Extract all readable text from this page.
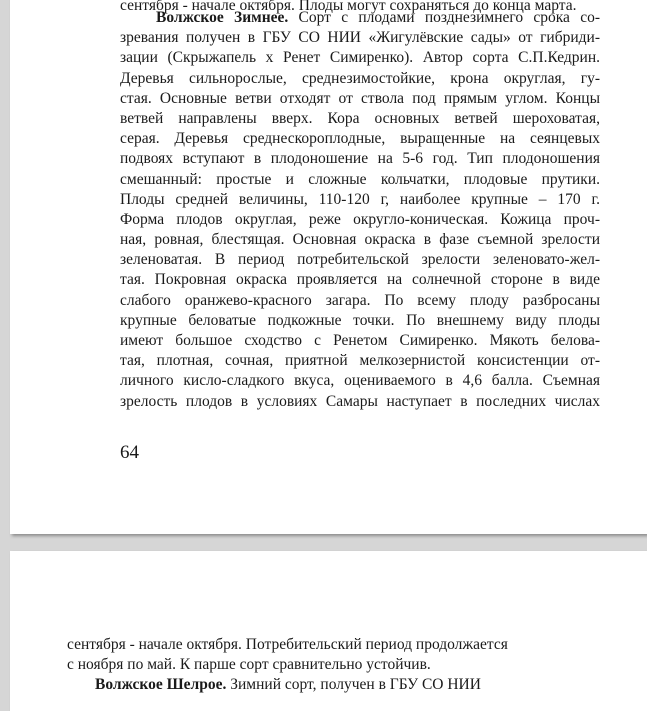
сентября - начале октября. Плоды могут сохраняться до конца марта.
Волжское Зимнее. Сорт с плодами позднезимнего срока со-
зревания получен в ГБУ СО НИИ «Жигулёвские сады» от гибриди-
зации (Скрыжапель х Ренет Симиренко). Автор сорта С.П.Кедрин.
Деревья сильнорослые, среднезимостойкие, крона округлая, гу-
стая. Основные ветви отходят от ствола под прямым углом. Концы
ветвей направлены вверх. Кора основных ветвей шероховатая,
серая. Деревья среднескороплодные, выращенные на сеянцевых
подвоях вступают в плодоношение на 5-6 год. Тип плодоношения
смешанный: простые и сложные кольчатки, плодовые прутики.
Плоды средней величины, 110-120 г, наиболее крупные – 170 г.
Форма плодов округлая, реже округло-коническая. Кожица проч-
ная, ровная, блестящая. Основная окраска в фазе съемной зрелости
зеленоватая. В период потребительской зрелости зеленовато-жел-
тая. Покровная окраска проявляется на солнечной стороне в виде
слабого оранжево-красного загара. По всему плоду разбросаны
крупные беловатые подкожные точки. По внешнему виду плоды
имеют большое сходство с Ренетом Симиренко. Мякоть белова-
тая, плотная, сочная, приятной мелкозернистой консистенции от-
личного кисло-сладкого вкуса, оцениваемого в 4,6 балла. Съемная
зрелость плодов в условиях Самары наступает в последних числах
64
сентября - начале октября. Потребительский период продолжается
с ноября по май. К парше сорт сравнительно устойчив.
Волжское Шелрое. Зимний сорт, получен в ГБУ СО НИИ
